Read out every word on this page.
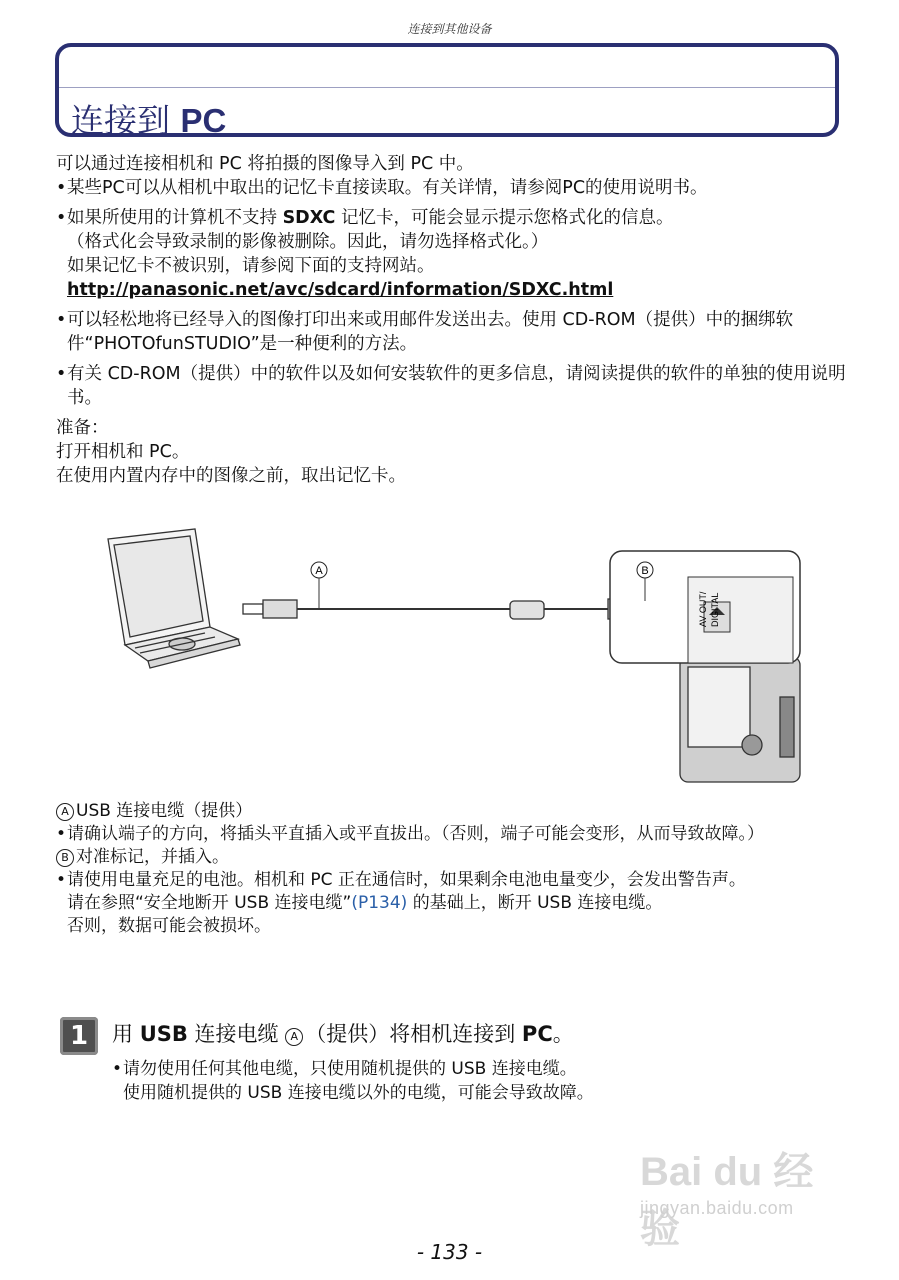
连接到其他设备
连接到 PC

可以通过连接相机和 PC 将拍摄的图像导入到 PC 中。

• 某些PC可以从相机中取出的记忆卡直接读取。有关详情，请参阅PC的使用说明书。

• 如果所使用的计算机不支持 SDXC 记忆卡，可能会显示提示您格式化的信息。

（格式化会导致录制的影像被删除。因此，请勿选择格式化。）

如果记忆卡不被识别，请参阅下面的支持网站。

http://panasonic.net/avc/sdcard/information/SDXC.html

• 可以轻松地将已经导入的图像打印出来或用邮件发送出去。使用 CD-ROM（提供）中的捆绑软件“PHOTOfunSTUDIO”是一种便利的方法。

• 有关 CD-ROM（提供）中的软件以及如何安装软件的更多信息，请阅读提供的软件的单独的使用说明书。

准备：

打开相机和 PC。

在使用内置内存中的图像之前，取出记忆卡。

A
AV OUT/ DIGITAL
B

A USB 连接电缆（提供）

• 请确认端子的方向，将插头平直插入或平直拔出。（否则，端子可能会变形，从而导致故障。）

B 对准标记，并插入。

• 请使用电量充足的电池。相机和 PC 正在通信时，如果剩余电池电量变少，会发出警告声。

请在参照“安全地断开 USB 连接电缆”(P134) 的基础上，断开 USB 连接电缆。

否则，数据可能会被损坏。

1	用 USB 连接电缆 A （提供）将相机连接到 PC。

• 请勿使用任何其他电缆，只使用随机提供的 USB 连接电缆。

使用随机提供的 USB 连接电缆以外的电缆，可能会导致故障。

Bai du 经验
jingyan.baidu.com
- 133 -
